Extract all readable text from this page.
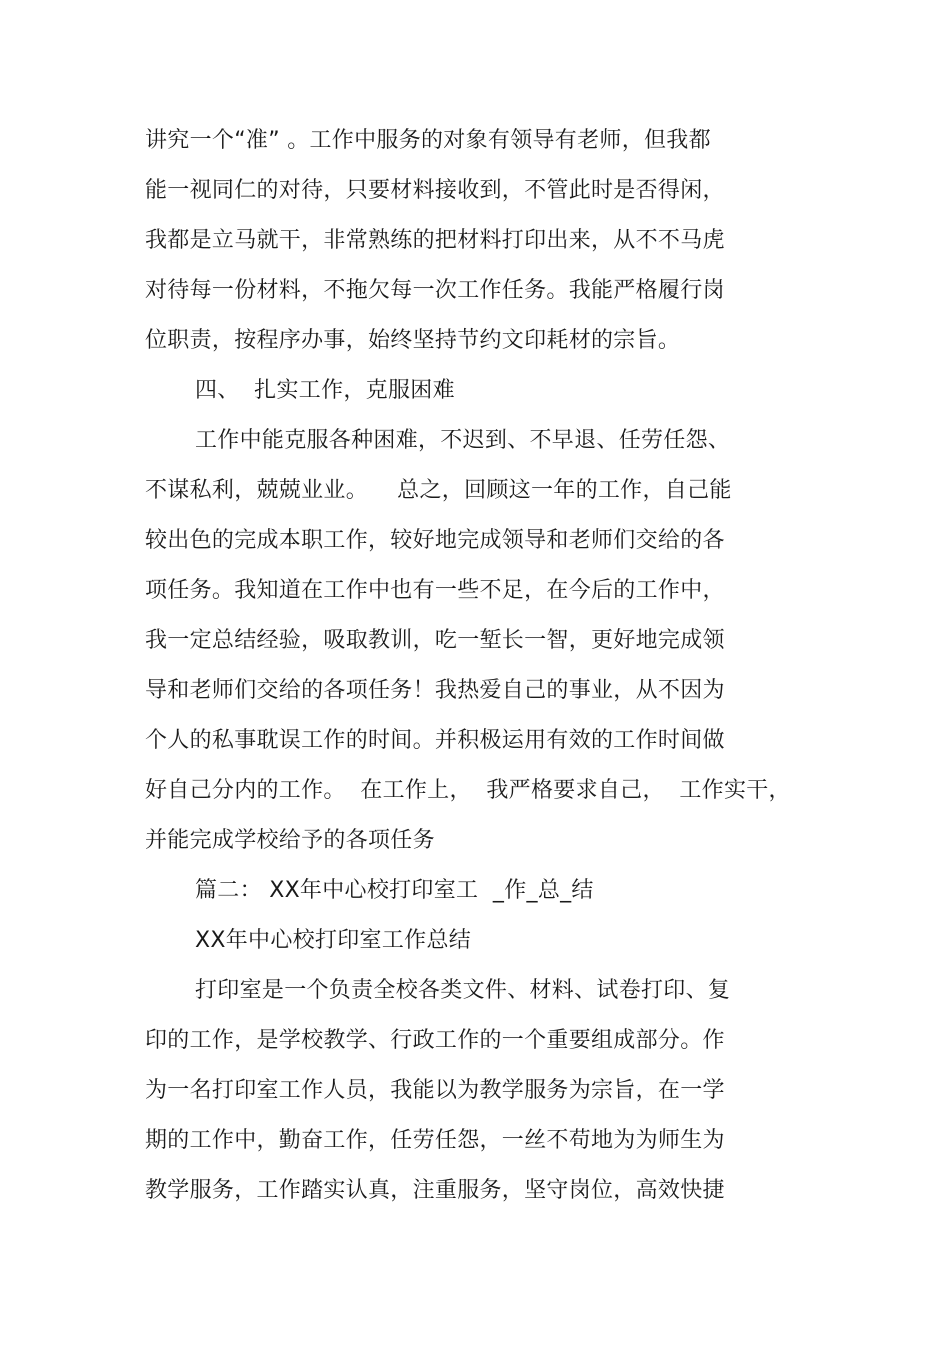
讲究一个“准” 。工作中服务的对象有领导有老师，但我都
能一视同仁的对待，只要材料接收到，不管此时是否得闲，
我都是立马就干，非常熟练的把材料打印出来，从不不马虎
对待每一份材料，不拖欠每一次工作任务。我能严格履行岗
位职责，按程序办事，始终坚持节约文印耗材的宗旨。
四、  扎实工作，克服困难
工作中能克服各种困难，不迟到、不早退、任劳任怨、
不谋私利，兢兢业业。    总之，回顾这一年的工作，自己能
较出色的完成本职工作，较好地完成领导和老师们交给的各
项任务。我知道在工作中也有一些不足，在今后的工作中，
我一定总结经验，吸取教训，吃一堑长一智，更好地完成领
导和老师们交给的各项任务！我热爱自己的事业，从不因为
个人的私事耽误工作的时间。并积极运用有效的工作时间做
好自己分内的工作。  在工作上，  我严格要求自己，  工作实干，
并能完成学校给予的各项任务
篇二： XX年中心校打印室工  _作_总_结
XX年中心校打印室工作总结
打印室是一个负责全校各类文件、材料、试卷打印、复
印的工作，是学校教学、行政工作的一个重要组成部分。作
为一名打印室工作人员，我能以为教学服务为宗旨，在一学
期的工作中，勤奋工作，任劳任怨，一丝不苟地为为师生为
教学服务，工作踏实认真，注重服务，坚守岗位，高效快捷
